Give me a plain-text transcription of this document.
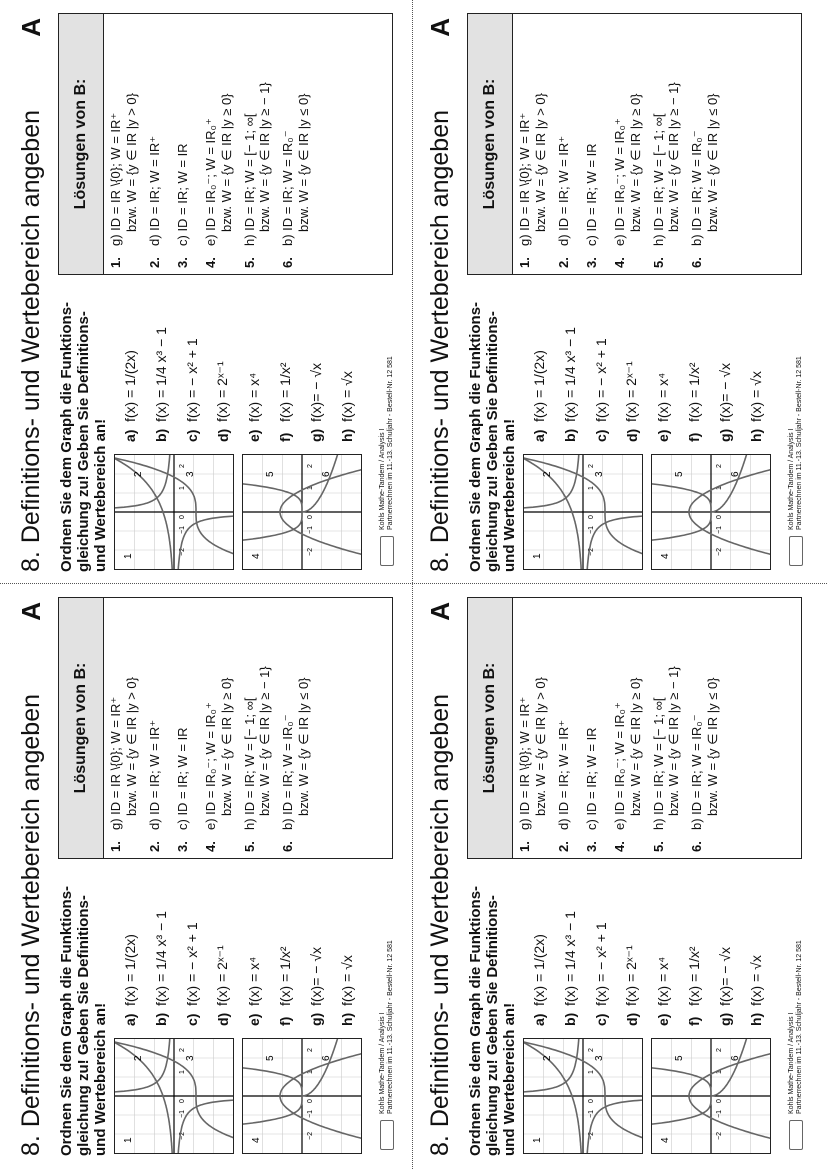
8.Definitions- und Wertebereich angeben
A
Ordnen Sie dem Graph die Funktions-gleichung zu! Geben Sie Definitions- und Wertebereich an!	1
−1
0
2
−2
1
2	3
1
−1
0
2
−2
4
5	6
a)
f(x) = 1/(2x)
b)
f(x) = 1/4 x³ − 1
c)
f(x) = − x² + 1
d)
f(x) = 2ˣ⁻¹
e)
f(x) = x⁴
f)
f(x) = 1/x²
g)
f(x)= − √x
h)
f(x) = √x
Kohls Mathe-Tandem / Analysis I Partnerrechnen im 11.-13. Schuljahr - Bestell-Nr. 12 581
Lösungen von B:
1.
g) ID = IR \{0}; W = IR⁺ bzw. W = {y ∈ IR |y > 0}
2.
d) ID = IR; W = IR⁺
3.
c) ID = IR; W = IR
4.
e) ID = IR₀⁻; W = IR₀⁺ bzw. W = {y ∈ IR |y ≥ 0}
5.
h) ID = IR; W = [− 1; ∞[ bzw. W = {y ∈ IR |y ≥ − 1}
6.
b) ID = IR; W = IR₀⁻ bzw. W = {y ∈ IR |y ≤ 0}
8.Definitions- und Wertebereich angeben
A
Ordnen Sie dem Graph die Funktions-gleichung zu! Geben Sie Definitions- und Wertebereich an!	1
−1
0
2
−2
1
2	3
1
−1
0
2
−2
4
5	6
a)
f(x) = 1/(2x)
b)
f(x) = 1/4 x³ − 1
c)
f(x) = − x² + 1
d)
f(x) = 2ˣ⁻¹
e)
f(x) = x⁴
f)
f(x) = 1/x²
g)
f(x)= − √x
h)
f(x) = √x
Kohls Mathe-Tandem / Analysis I Partnerrechnen im 11.-13. Schuljahr - Bestell-Nr. 12 581
Lösungen von B:
1.
g) ID = IR \{0}; W = IR⁺ bzw. W = {y ∈ IR |y > 0}
2.
d) ID = IR; W = IR⁺
3.
c) ID = IR; W = IR
4.
e) ID = IR₀⁻; W = IR₀⁺ bzw. W = {y ∈ IR |y ≥ 0}
5.
h) ID = IR; W = [− 1; ∞[ bzw. W = {y ∈ IR |y ≥ − 1}
6.
b) ID = IR; W = IR₀⁻ bzw. W = {y ∈ IR |y ≤ 0}
8.Definitions- und Wertebereich angeben
A
Ordnen Sie dem Graph die Funktions-gleichung zu! Geben Sie Definitions- und Wertebereich an!	1
−1
0
2
−2
1
2	3
1
−1
0
2
−2
4
5	6
a)
f(x) = 1/(2x)
b)
f(x) = 1/4 x³ − 1
c)
f(x) = − x² + 1
d)
f(x) = 2ˣ⁻¹
e)
f(x) = x⁴
f)
f(x) = 1/x²
g)
f(x)= − √x
h)
f(x) = √x
Kohls Mathe-Tandem / Analysis I Partnerrechnen im 11.-13. Schuljahr - Bestell-Nr. 12 581
Lösungen von B:
1.
g) ID = IR \{0}; W = IR⁺ bzw. W = {y ∈ IR |y > 0}
2.
d) ID = IR; W = IR⁺
3.
c) ID = IR; W = IR
4.
e) ID = IR₀⁻; W = IR₀⁺ bzw. W = {y ∈ IR |y ≥ 0}
5.
h) ID = IR; W = [− 1; ∞[ bzw. W = {y ∈ IR |y ≥ − 1}
6.
b) ID = IR; W = IR₀⁻ bzw. W = {y ∈ IR |y ≤ 0}
8.Definitions- und Wertebereich angeben
A
Ordnen Sie dem Graph die Funktions-gleichung zu! Geben Sie Definitions- und Wertebereich an!	1
−1
0
2
−2
1
2	3
1
−1
0
2
−2
4
5	6
a)
f(x) = 1/(2x)
b)
f(x) = 1/4 x³ − 1
c)
f(x) = − x² + 1
d)
f(x) = 2ˣ⁻¹
e)
f(x) = x⁴
f)
f(x) = 1/x²
g)
f(x)= − √x
h)
f(x) = √x
Kohls Mathe-Tandem / Analysis I Partnerrechnen im 11.-13. Schuljahr - Bestell-Nr. 12 581
Lösungen von B:
1.
g) ID = IR \{0}; W = IR⁺ bzw. W = {y ∈ IR |y > 0}
2.
d) ID = IR; W = IR⁺
3.
c) ID = IR; W = IR
4.
e) ID = IR₀⁻; W = IR₀⁺ bzw. W = {y ∈ IR |y ≥ 0}
5.
h) ID = IR; W = [− 1; ∞[ bzw. W = {y ∈ IR |y ≥ − 1}
6.
b) ID = IR; W = IR₀⁻ bzw. W = {y ∈ IR |y ≤ 0}
